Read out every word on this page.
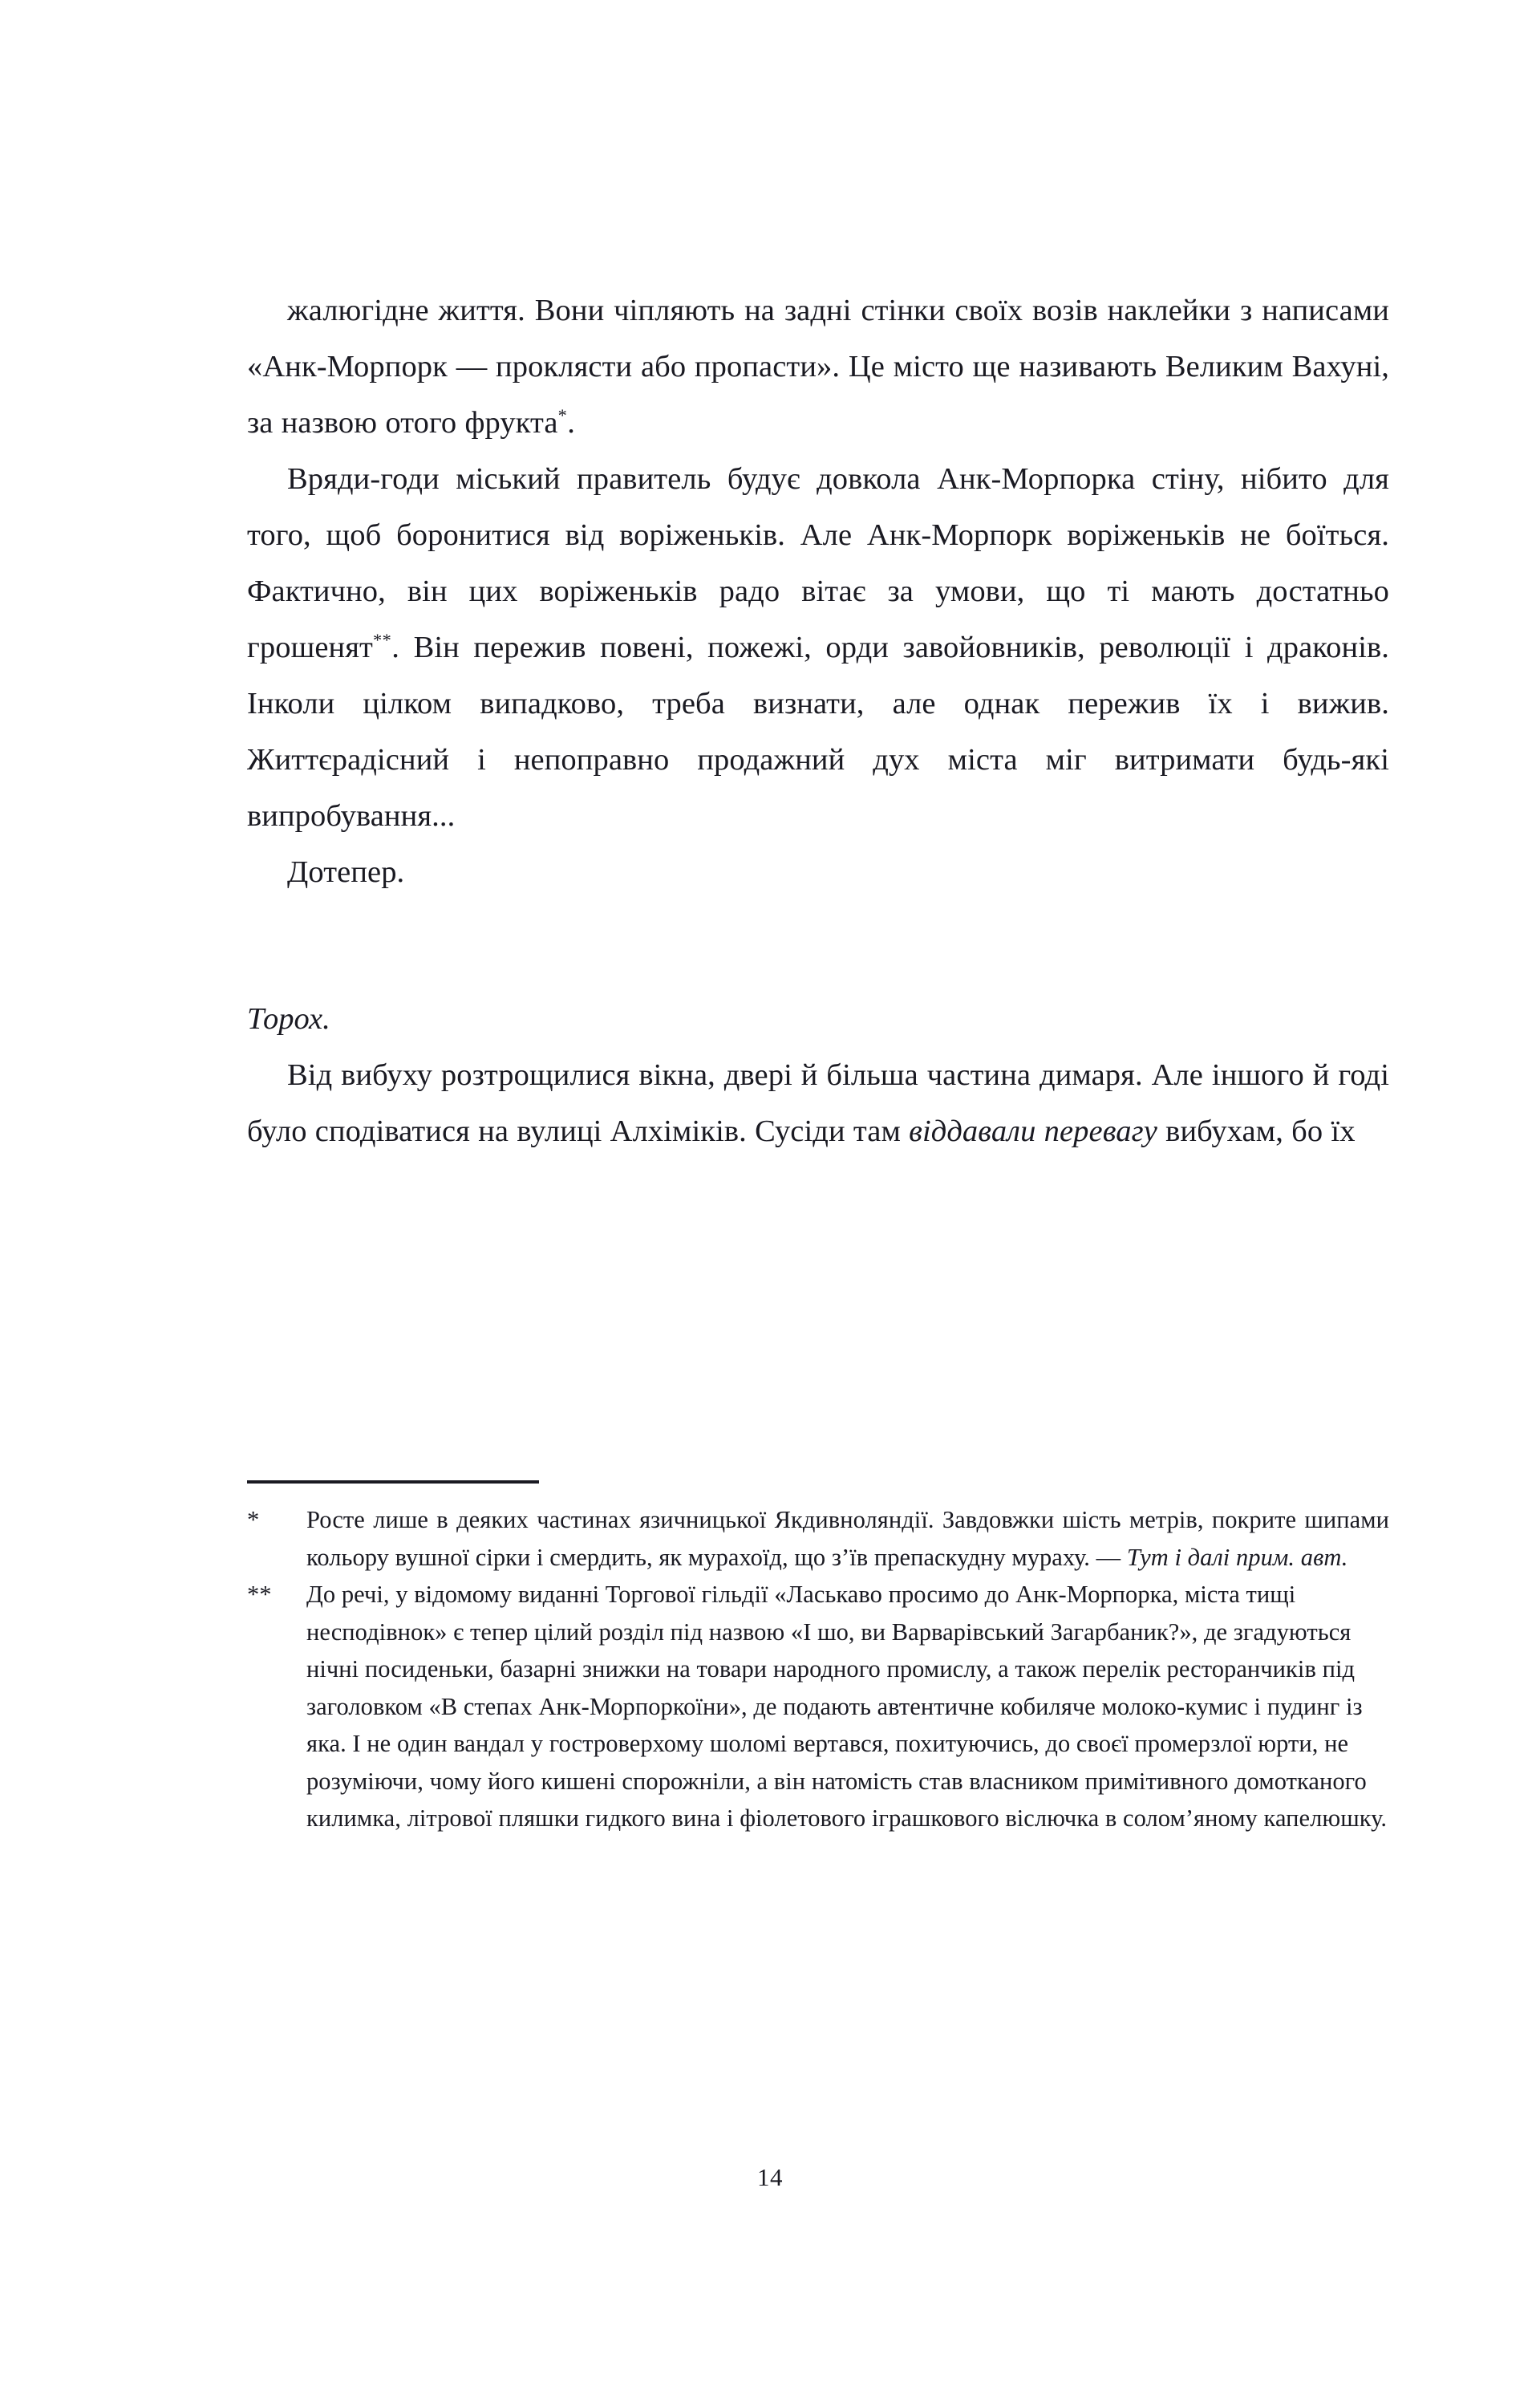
жалюгідне життя. Вони чіпляють на задні стінки своїх возів наклейки з написами «Анк-Морпорк — проклясти або пропасти». Це місто ще називають Великим Вахуні, за назвою отого фрукта*.

Вряди-годи міський правитель будує довкола Анк-Морпорка стіну, нібито для того, щоб боронитися від воріженьків. Але Анк-Морпорк воріженьків не боїться. Фактично, він цих воріженьків радо вітає за умови, що ті мають достатньо грошенят**. Він пережив повені, пожежі, орди завойовників, революції і драконів. Інколи цілком випадково, треба визнати, але однак пережив їх і вижив. Життєрадісний і непоправно продажний дух міста міг витримати будь-які випробування...

Дотепер.

Торох.

Від вибуху розтрощилися вікна, двері й більша частина димаря. Але іншого й годі було сподіватися на вулиці Алхіміків. Сусіди там віддавали перевагу вибухам, бо їх

*	Росте лише в деяких частинах язичницької Якдивноляндії. Завдовжки шість метрів, покрите шипами кольору вушної сірки і смердить, як мурахоїд, що з’їв препаскудну мураху. — Тут і далі прим. авт.

**	До речі, у відомому виданні Торгової гільдії «Ласькаво просимо до Анк-Морпорка, міста тищі несподівнок» є тепер цілий розділ під назвою «І шо, ви Варварівський Загарбаник?», де згадуються нічні посиденьки, базарні знижки на товари народного промислу, а також перелік ресторанчиків під заголовком «В степах Анк-Морпоркоїни», де подають автентичне кобиляче молоко-кумис і пудинг із яка. І не один вандал у гостроверхому шоломі вертався, похитуючись, до своєї промерзлої юрти, не розуміючи, чому його кишені спорожніли, а він натомість став власником примітивного домотканого килимка, літрової пляшки гидкого вина і фіолетового іграшкового віслючка в солом’яному капелюшку.

14
